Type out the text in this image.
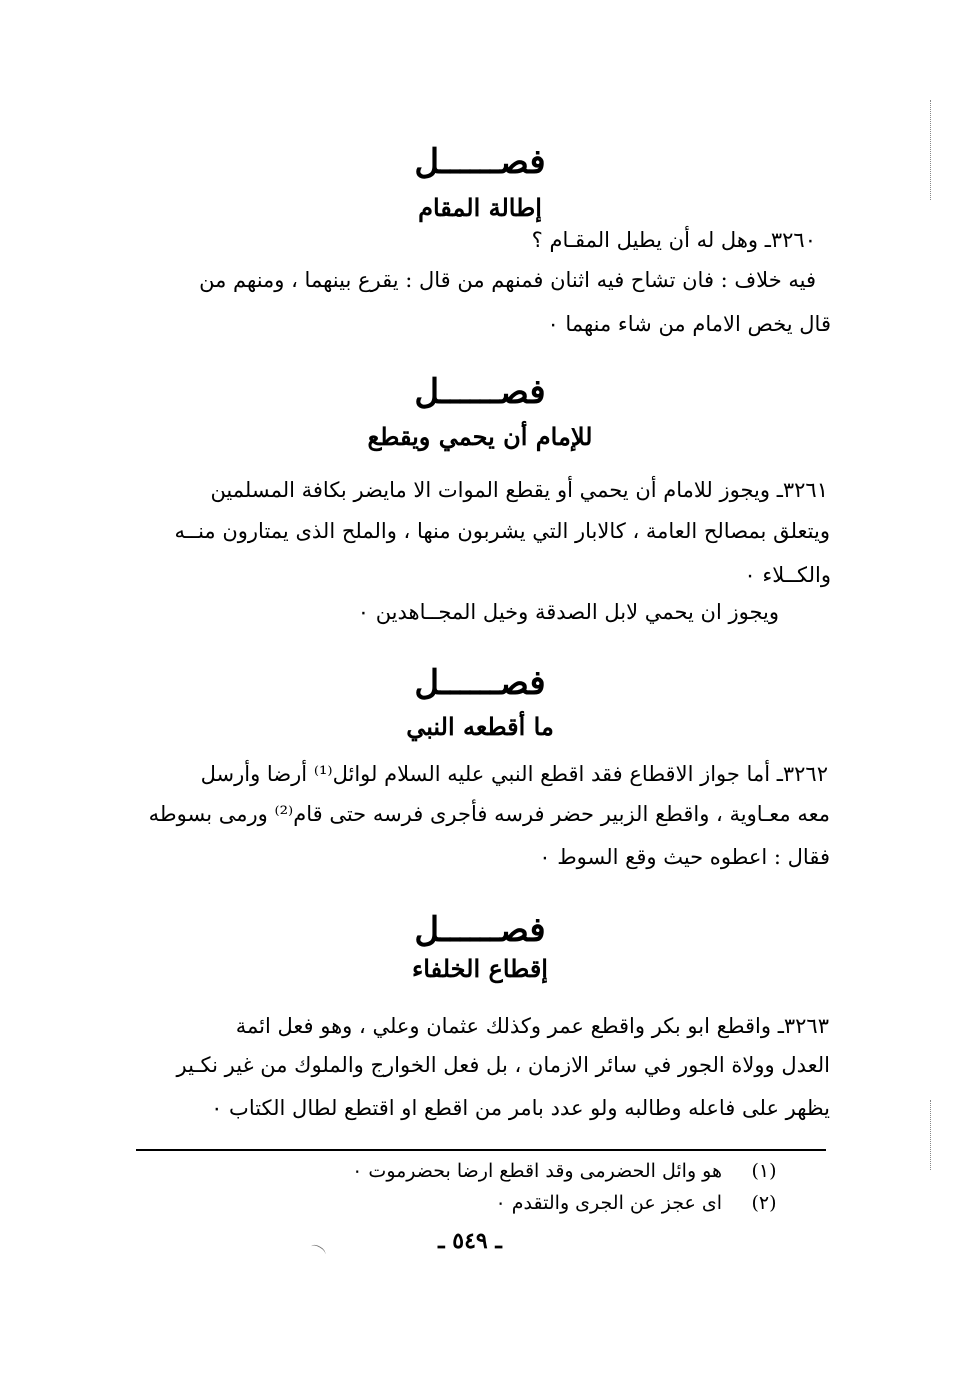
فصــــــل
إطالة المقام
٣٢٦٠ـ وهل له أن يطيل المقـام ؟
فيه خلاف : فان تشاح فيه اثنان فمنهم من قال : يقرع بينهما ، ومنهم من
قال يخص الامام من شاء منهما ٠
فصــــــل
للإمام أن يحمي ويقطع
٣٢٦١ـ ويجوز للامام أن يحمي أو يقطع الموات الا مايضر بكافة المسلمين
ويتعلق بمصالح العامة ، كالابار التي يشربون منها ، والملح الذى يمتارون منــه
والكــلاء ٠
ويجوز ان يحمي لابل الصدقة وخيل المجــاهدين ٠
فصــــــل
ما أقطعه النبي
٣٢٦٢ـ أما جواز الاقطاع فقد اقطع النبي عليه السلام لوائل⁽¹⁾ أرضا وأرسل
معه معـاوية ، واقطع الزبير حضر فرسه فأجرى فرسه حتى قام⁽²⁾ ورمى بسوطه
فقال : اعطوه حيث وقع السوط ٠
فصــــــل
إقطاع الخلفاء
٣٢٦٣ـ واقطع ابو بكر واقطع عمر وكذلك عثمان وعلي ، وهو فعل ائمة
العدل وولاة الجور في سائر الازمان ، بل فعل الخوارج والملوك من غير نكـير
يظهر على فاعله وطالبه ولو عدد بامر من اقطع او اقتطع لطال الكتاب ٠
(١)
هو وائل الحضرمى وقد اقطع ارضا بحضرموت ٠
(٢)
اى عجز عن الجرى والتقدم ٠
ـ ٥٤٩ ـ
